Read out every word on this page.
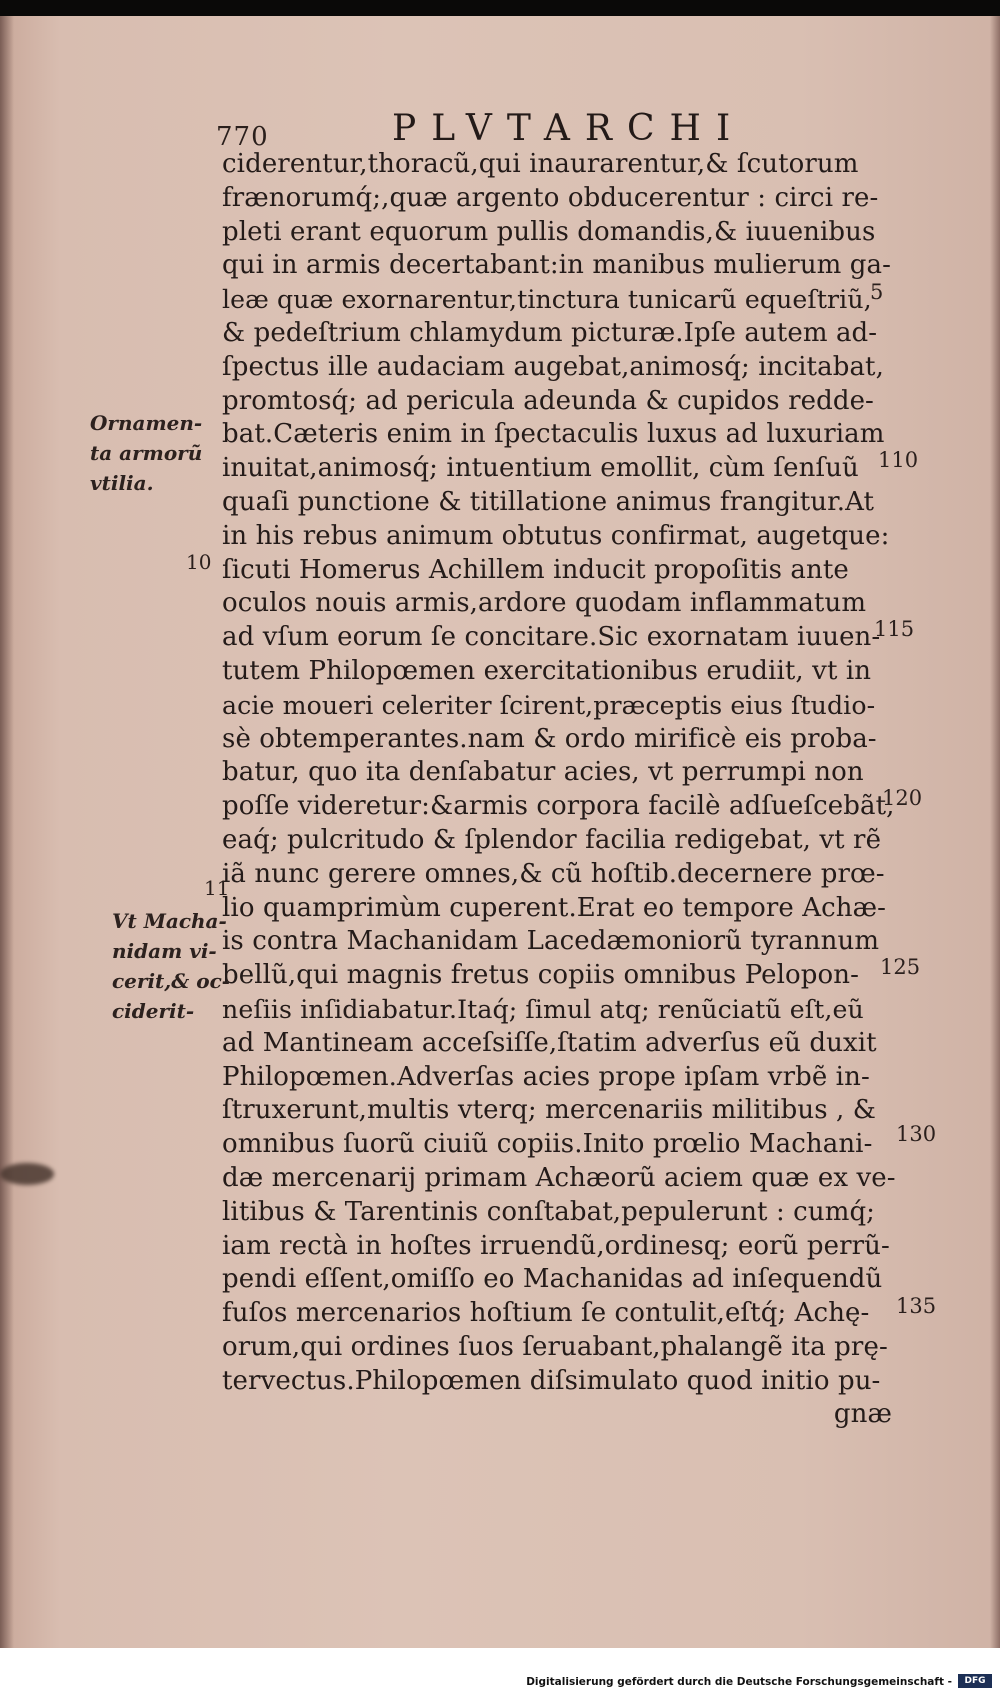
770	PLVTARCHI
ciderentur,thoracũ,qui inaurarentur,& ſcutorum
frænorumq́;,quæ argento obducerentur : circi re-
pleti erant equorum pullis domandis,& iuuenibus
qui in armis decertabant:in manibus mulierum ga-
leæ quæ exornarentur,tinctura tunicarũ equeſtriũ,
& pedeſtrium chlamydum picturæ.Ipſe autem ad-
ſpectus ille audaciam augebat,animosq́; incitabat,
promtosq́; ad pericula adeunda & cupidos redde-
bat.Cæteris enim in ſpectaculis luxus ad luxuriam
inuitat,animosq́; intuentium emollit, cùm ſenſuũ
quaſi punctione & titillatione animus frangitur.At
in his rebus animum obtutus confirmat, augetque:
ſicuti Homerus Achillem inducit propoſitis ante
oculos nouis armis,ardore quodam inflammatum
ad vſum eorum ſe concitare.Sic exornatam iuuen-
tutem Philopœmen exercitationibus erudiit, vt in
acie moueri celeriter ſcirent,præceptis eius ſtudio-
sè obtemperantes.nam & ordo mirificè eis proba-
batur, quo ita denſabatur acies, vt perrumpi non
poſſe videretur:&armis corpora facilè adſueſcebãt,
eaq́; pulcritudo & ſplendor facilia redigebat, vt rẽ
iã nunc gerere omnes,& cũ hoſtib.decernere prœ-
lio quamprimùm cuperent.Erat eo tempore Achæ-
is contra Machanidam Lacedæmoniorũ tyrannum
bellũ,qui magnis fretus copiis omnibus Pelopon-
neſiis inſidiabatur.Itaq́; ſimul atq; renũciatũ eſt,eũ
ad Mantineam acceſsiſſe,ſtatim adverſus eũ duxit
Philopœmen.Adverſas acies prope ipſam vrbẽ in-
ſtruxerunt,multis vterq; mercenariis militibus , &
omnibus ſuorũ ciuiũ copiis.Inito prœlio Machani-
dæ mercenarij primam Achæorũ aciem quæ ex ve-
litibus & Tarentinis conſtabat,pepulerunt : cumq́;
iam rectà in hoſtes irruendũ,ordinesq; eorũ perrũ-
pendi eſſent,omiſſo eo Machanidas ad inſequendũ
fuſos mercenarios hoſtium ſe contulit,eſtq́; Achę-
orum,qui ordines ſuos ſeruabant,phalangẽ ita prę-
tervectus.Philopœmen diſsimulato quod initio pu-
gnæ
5
110
115
120
125
130
135
10
11
Ornamen-
ta armorũ
vtilia.
Vt Macha-
nidam vi-
cerit,& oc-
ciderit-
Digitalisierung gefördert durch die Deutsche Forschungsgemeinschaft -	DFG
